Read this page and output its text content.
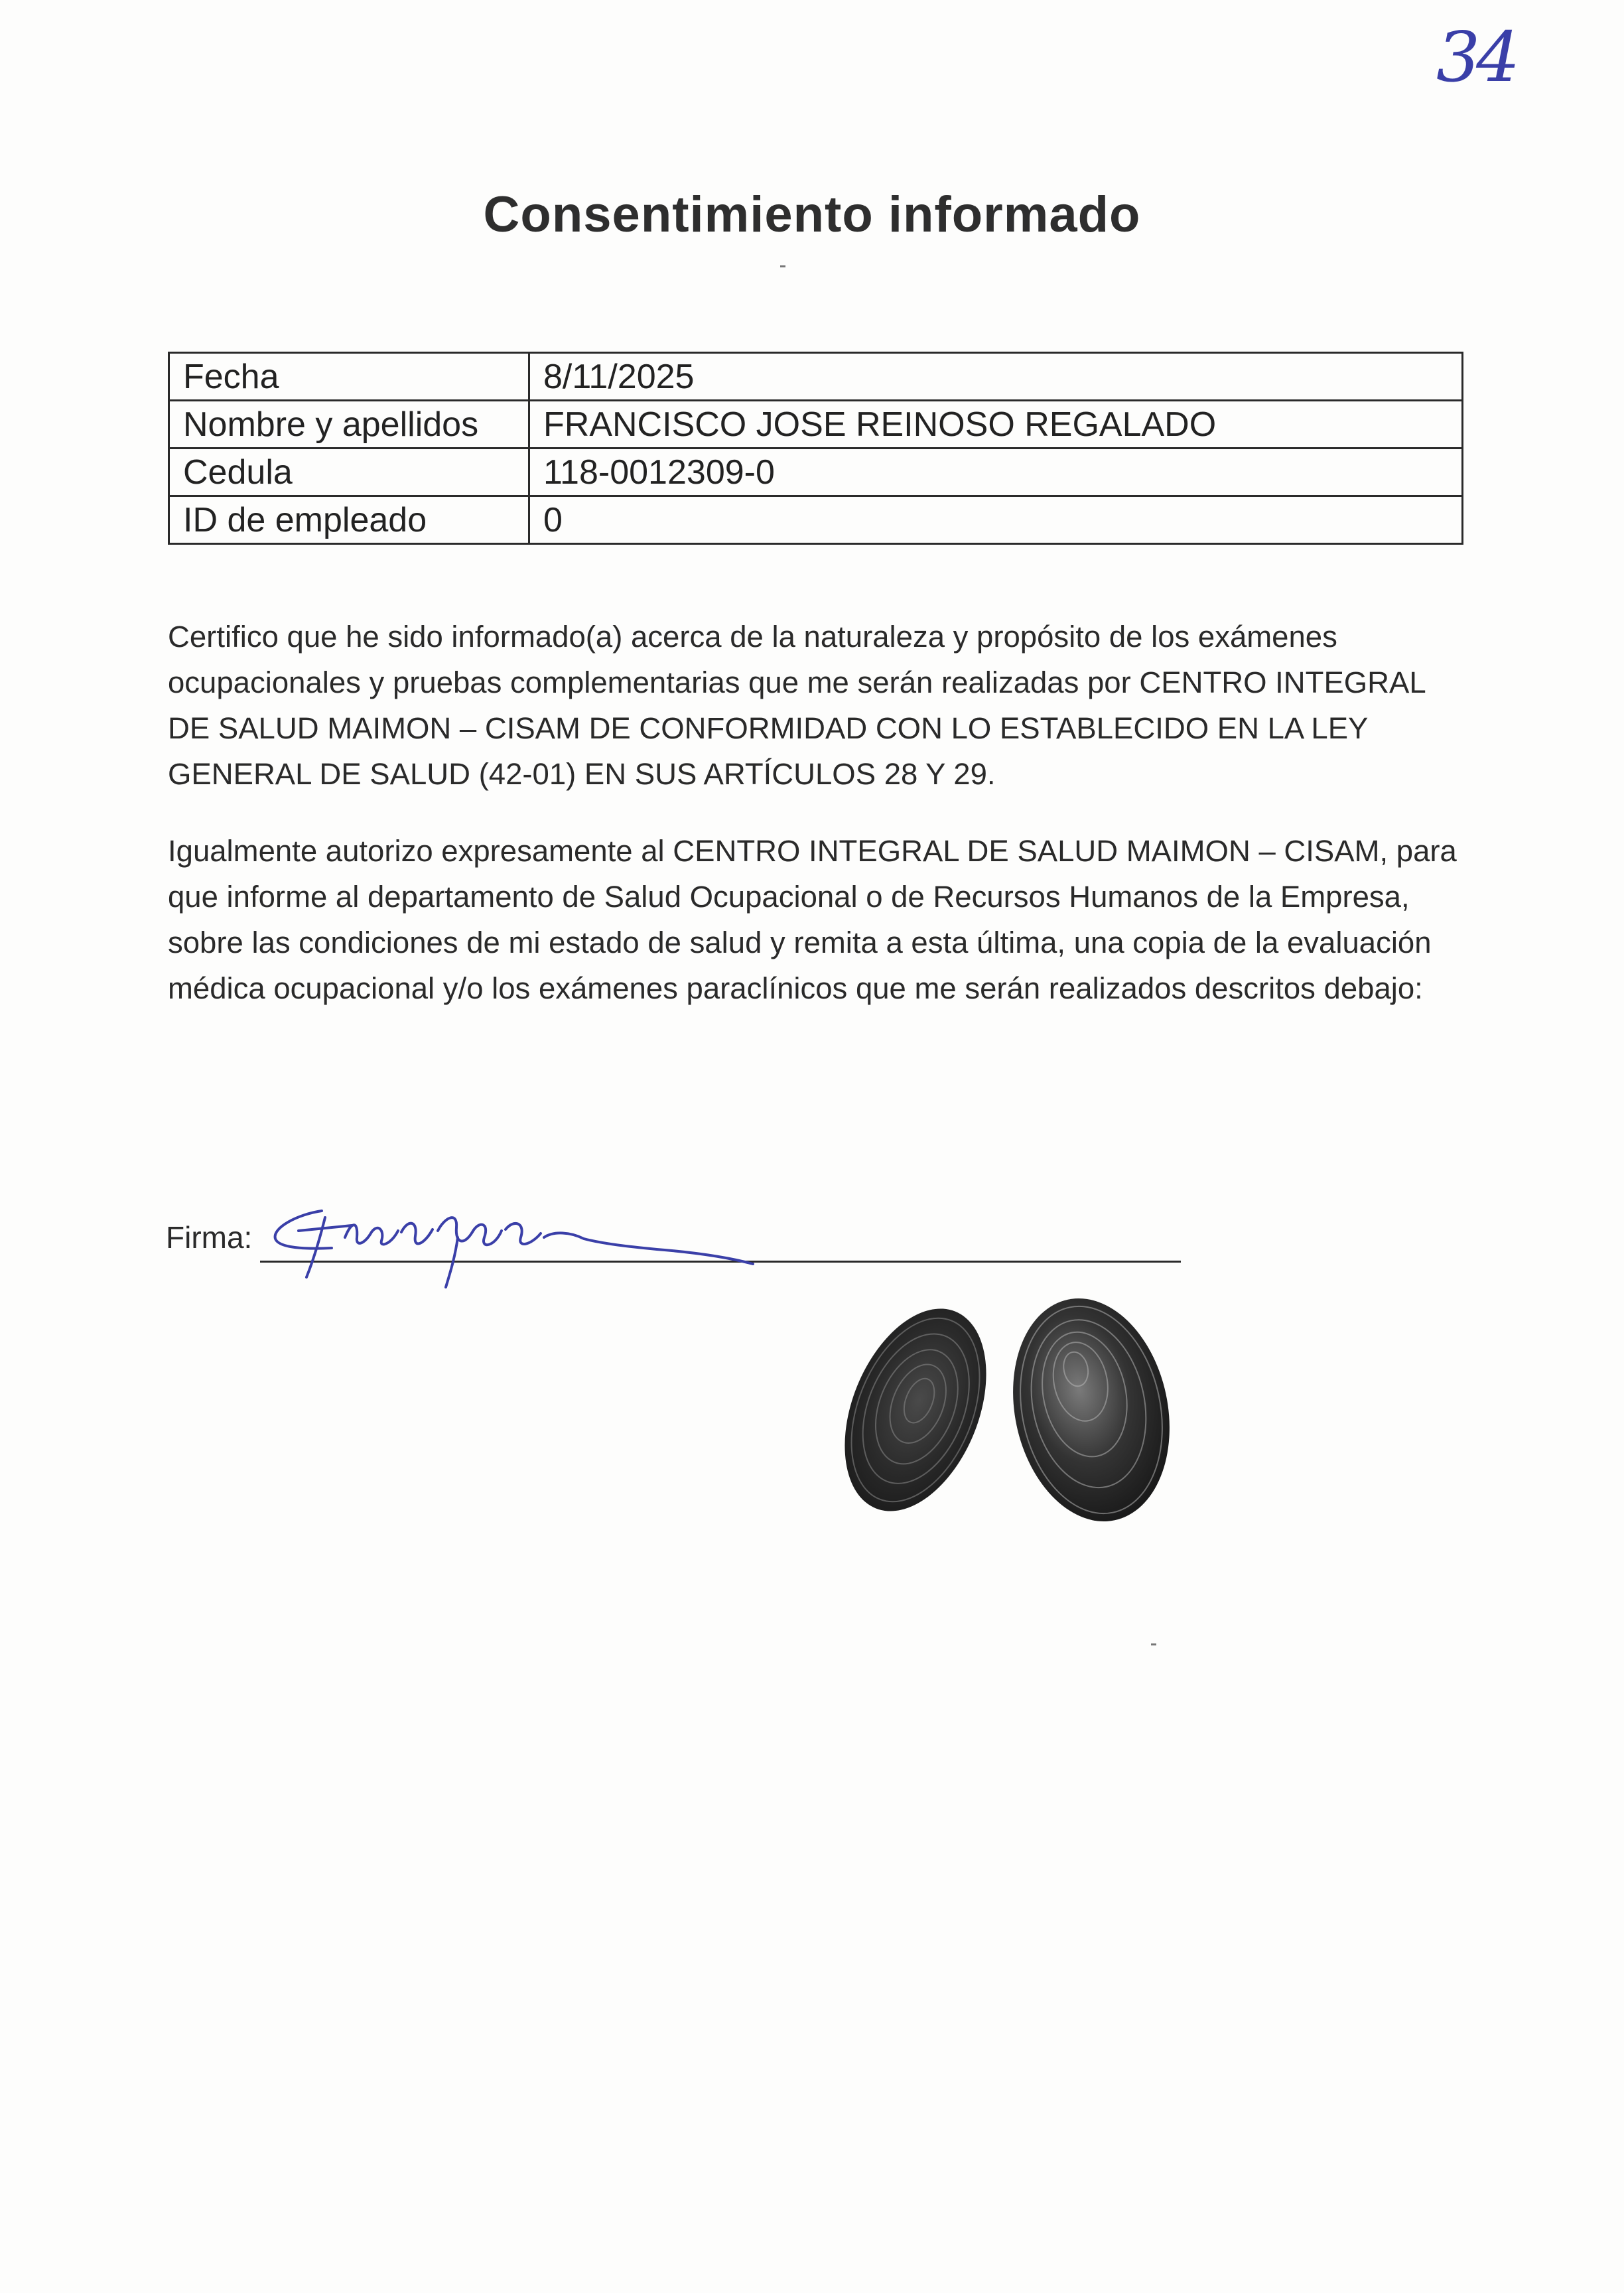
34
Consentimiento informado
Fecha	8/11/2025
Nombre y apellidos	FRANCISCO JOSE REINOSO REGALADO
Cedula	118-0012309-0
ID de empleado	0

Certifico que he sido informado(a) acerca de la naturaleza y propósito de los exámenes ocupacionales y pruebas complementarias que me serán realizadas por CENTRO INTEGRAL DE SALUD MAIMON – CISAM DE CONFORMIDAD CON LO ESTABLECIDO EN LA LEY GENERAL DE SALUD (42-01) EN SUS ARTÍCULOS 28 Y 29.

Igualmente autorizo expresamente al CENTRO INTEGRAL DE SALUD MAIMON – CISAM, para que informe al departamento de Salud Ocupacional o de Recursos Humanos de la Empresa, sobre las condiciones de mi estado de salud y remita a esta última, una copia de la evaluación médica ocupacional y/o los exámenes paraclínicos que me serán realizados descritos debajo:

Firma:
